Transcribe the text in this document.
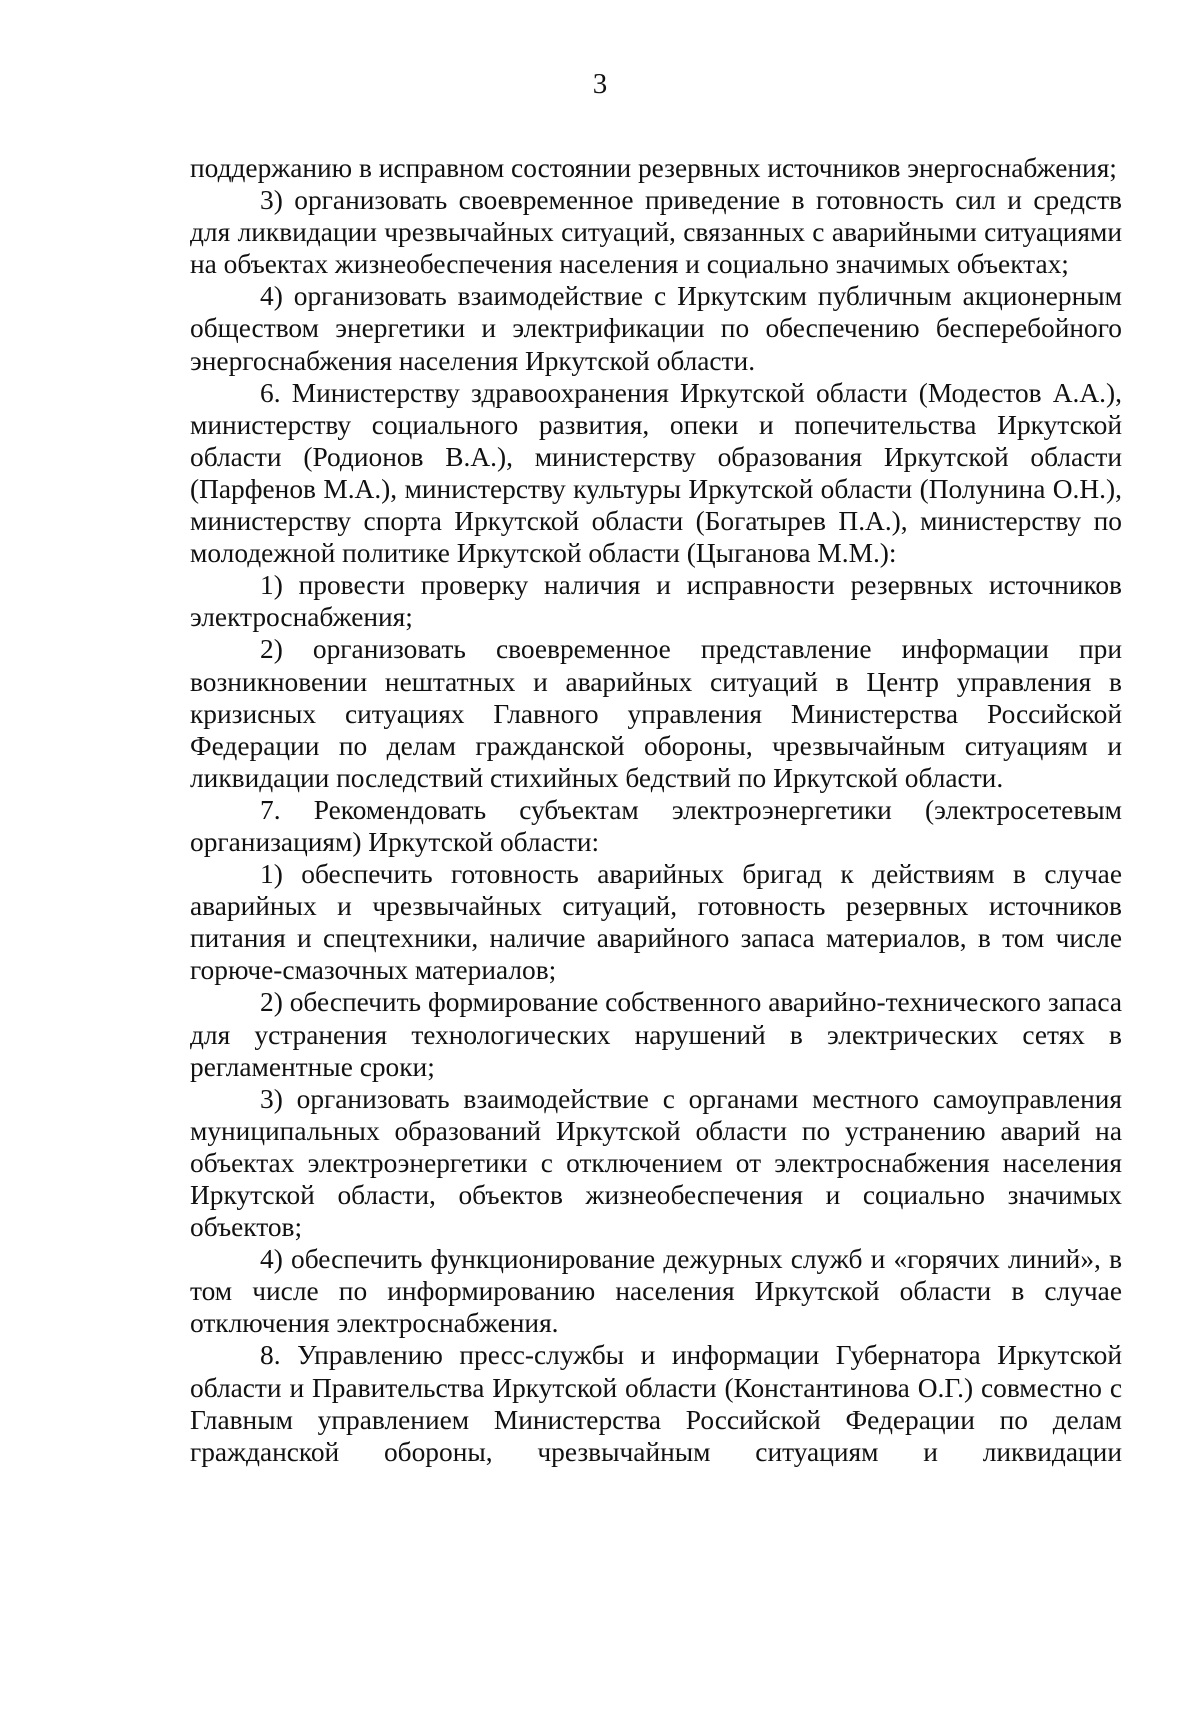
3

поддержанию в исправном состоянии резервных источников энергоснабжения;

3) организовать своевременное приведение в готовность сил и средств для ликвидации чрезвычайных ситуаций, связанных с аварийными ситуациями на объектах жизнеобеспечения населения и социально значимых объектах;

4) организовать взаимодействие с Иркутским публичным акционерным обществом энергетики и электрификации по обеспечению бесперебойного энергоснабжения населения Иркутской области.

6. Министерству здравоохранения Иркутской области (Модестов А.А.), министерству социального развития, опеки и попечительства Иркутской области (Родионов В.А.), министерству образования Иркутской области (Парфенов М.А.), министерству культуры Иркутской области (Полунина О.Н.), министерству спорта Иркутской области (Богатырев П.А.), министерству по молодежной политике Иркутской области (Цыганова М.М.):

1) провести проверку наличия и исправности резервных источников электроснабжения;

2) организовать своевременное представление информации при возникновении нештатных и аварийных ситуаций в Центр управления в кризисных ситуациях Главного управления Министерства Российской Федерации по делам гражданской обороны, чрезвычайным ситуациям и ликвидации последствий стихийных бедствий по Иркутской области.

7. Рекомендовать субъектам электроэнергетики (электросетевым организациям) Иркутской области:

1) обеспечить готовность аварийных бригад к действиям в случае аварийных и чрезвычайных ситуаций, готовность резервных источников питания и спецтехники, наличие аварийного запаса материалов, в том числе горюче-смазочных материалов;

2) обеспечить формирование собственного аварийно-технического запаса для устранения технологических нарушений в электрических сетях в регламентные сроки;

3) организовать взаимодействие с органами местного самоуправления муниципальных образований Иркутской области по устранению аварий на объектах электроэнергетики с отключением от электроснабжения населения Иркутской области, объектов жизнеобеспечения и социально значимых объектов;

4) обеспечить функционирование дежурных служб и «горячих линий», в том числе по информированию населения Иркутской области в случае отключения электроснабжения.

8. Управлению пресс-службы и информации Губернатора Иркутской области и Правительства Иркутской области (Константинова О.Г.) совместно с Главным управлением Министерства Российской Федерации по делам гражданской обороны, чрезвычайным ситуациям и ликвидации
